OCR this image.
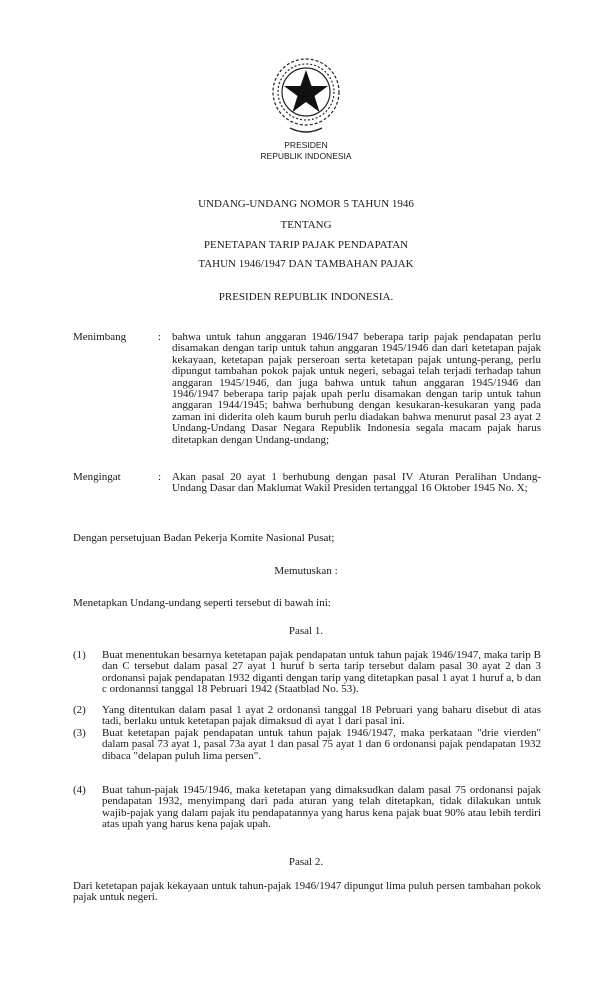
PRESIDEN
REPUBLIK INDONESIA
UNDANG-UNDANG NOMOR 5 TAHUN 1946
TENTANG
PENETAPAN TARIP PAJAK PENDAPATAN
TAHUN 1946/1947 DAN TAMBAHAN PAJAK
PRESIDEN REPUBLIK INDONESIA.
Menimbang	: bahwa untuk tahun anggaran 1946/1947 beberapa tarip pajak pendapatan perlu disamakan dengan tarip untuk tahun anggaran 1945/1946 dan dari ketetapan pajak kekayaan, ketetapan pajak perseroan serta ketetapan pajak untung-perang, perlu dipungut tambahan pokok pajak untuk negeri, sebagai telah terjadi terhadap tahun anggaran 1945/1946, dan juga bahwa untuk tahun anggaran 1945/1946 dan 1946/1947 beberapa tarip pajak upah perlu disamakan dengan tarip untuk tahun anggaran 1944/1945; bahwa berhubung dengan kesukaran-kesukaran yang pada zaman ini diderita oleh kaum buruh perlu diadakan bahwa menurut pasal 23 ayat 2 Undang-Undang Dasar Negara Republik Indonesia segala macam pajak harus ditetapkan dengan Undang-undang;
Mengingat	: Akan pasal 20 ayat 1 berhubung dengan pasal IV Aturan Peralihan Undang-Undang Dasar dan Maklumat Wakil Presiden tertanggal 16 Oktober 1945 No. X;
Dengan persetujuan Badan Pekerja Komite Nasional Pusat;
Memutuskan :
Menetapkan Undang-undang seperti tersebut di bawah ini:
Pasal 1.
(1) Buat menentukan besarnya ketetapan pajak pendapatan untuk tahun pajak 1946/1947, maka tarip B dan C tersebut dalam pasal 27 ayat 1 huruf b serta tarip tersebut dalam pasal 30 ayat 2 dan 3 ordonansi pajak pendapatan 1932 diganti dengan tarip yang ditetapkan pasal 1 ayat 1 huruf a, b dan c ordonannsi tanggal 18 Pebruari 1942 (Staatblad No. 53).
(2) Yang ditentukan dalam pasal 1 ayat 2 ordonansi tanggal 18 Pebruari yang baharu disebut di atas tadi, berlaku untuk ketetapan pajak dimaksud di ayat 1 dari pasal ini.
(3) Buat ketetapan pajak pendapatan untuk tahun pajak 1946/1947, maka perkataan "drie vierden" dalam pasal 73 ayat 1, pasal 73a ayat 1 dan pasal 75 ayat 1 dan 6 ordonansi pajak pendapatan 1932 dibaca "delapan puluh lima persen".
(4) Buat tahun-pajak 1945/1946, maka ketetapan yang dimaksudkan dalam pasal 75 ordonansi pajak pendapatan 1932, menyimpang dari pada aturan yang telah ditetapkan, tidak dilakukan untuk wajib-pajak yang dalam pajak itu pendapatannya yang harus kena pajak buat 90% atau lebih terdiri atas upah yang harus kena pajak upah.
Pasal 2.
Dari ketetapan pajak kekayaan untuk tahun-pajak 1946/1947 dipungut lima puluh persen tambahan pokok pajak untuk negeri.
